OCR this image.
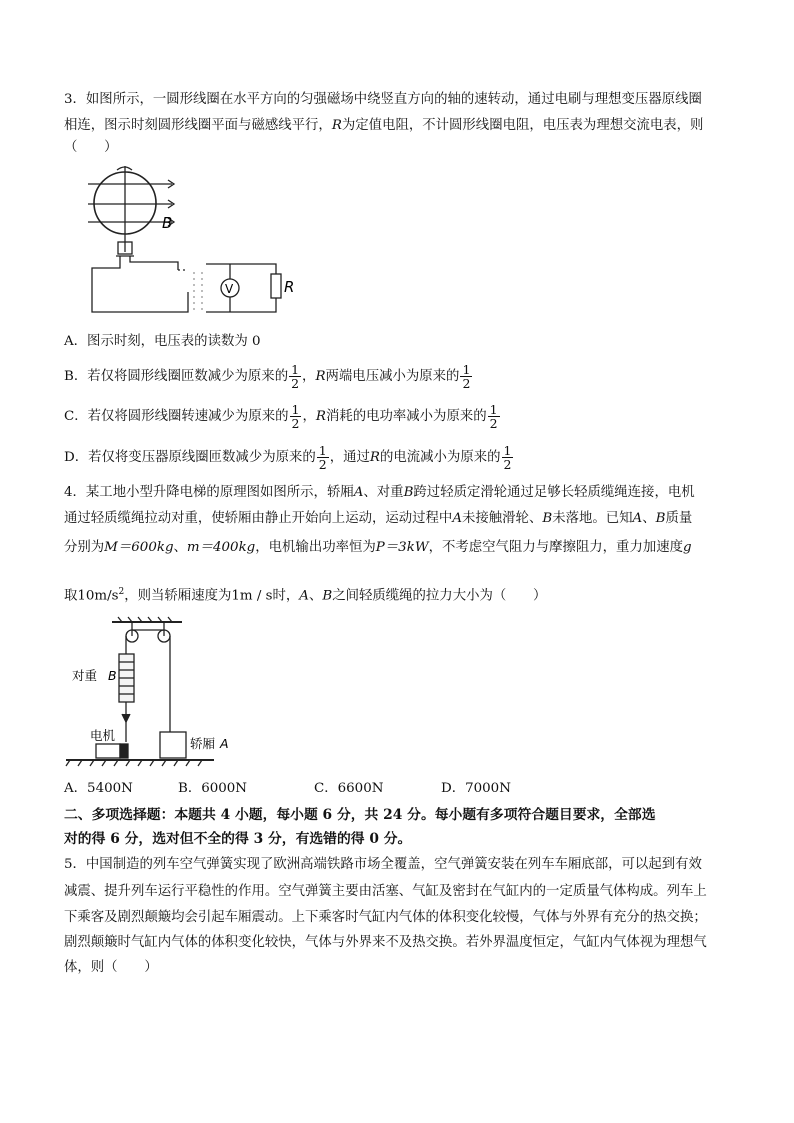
3．如图所示，一圆形线圈在水平方向的匀强磁场中绕竖直方向的轴的速转动，通过电刷与理想变压器原线圈
相连，图示时刻圆形线圈平面与磁感线平行，R为定值电阻，不计圆形线圈电阻，电压表为理想交流电表，则
（　　）
B
V	R
A．图示时刻，电压表的读数为 0
B．若仅将圆形线圈匝数减少为原来的 $\frac{1}{2}$ ，R两端电压减小为原来的 $\frac{1}{2}$
C．若仅将圆形线圈转速减少为原来的 $\frac{1}{2}$ ，R消耗的电功率减小为原来的 $\frac{1}{2}$
D．若仅将变压器原线圈匝数减少为原来的 $\frac{1}{2}$ ，通过R的电流减小为原来的 $\frac{1}{2}$
4．某工地小型升降电梯的原理图如图所示，轿厢A、对重B跨过轻质定滑轮通过足够长轻质缆绳连接，电机
通过轻质缆绳拉动对重，使轿厢由静止开始向上运动，运动过程中A未接触滑轮、B未落地。已知A、B质量
分别为M＝600kg、m＝400kg，电机输出功率恒为P＝3kW，不考虑空气阻力与摩擦阻力，重力加速度g
取$10m/s^2$，则当轿厢速度为1m / s时，A、B之间轻质缆绳的拉力大小为（　　）
对重 B
电机
轿厢 A
A．5400N	B．6000N	C．6600N	D．7000N
二、多项选择题：本题共 4 小题，每小题 6 分，共 24 分。每小题有多项符合题目要求，全部选
对的得 6 分，选对但不全的得 3 分，有选错的得 0 分。
5．中国制造的列车空气弹簧实现了欧洲高端铁路市场全覆盖，空气弹簧安装在列车车厢底部，可以起到有效
减震、提升列车运行平稳性的作用。空气弹簧主要由活塞、气缸及密封在气缸内的一定质量气体构成。列车上
下乘客及剧烈颠簸均会引起车厢震动。上下乘客时气缸内气体的体积变化较慢，气体与外界有充分的热交换；
剧烈颠簸时气缸内气体的体积变化较快，气体与外界来不及热交换。若外界温度恒定，气缸内气体视为理想气
体，则（　　）
